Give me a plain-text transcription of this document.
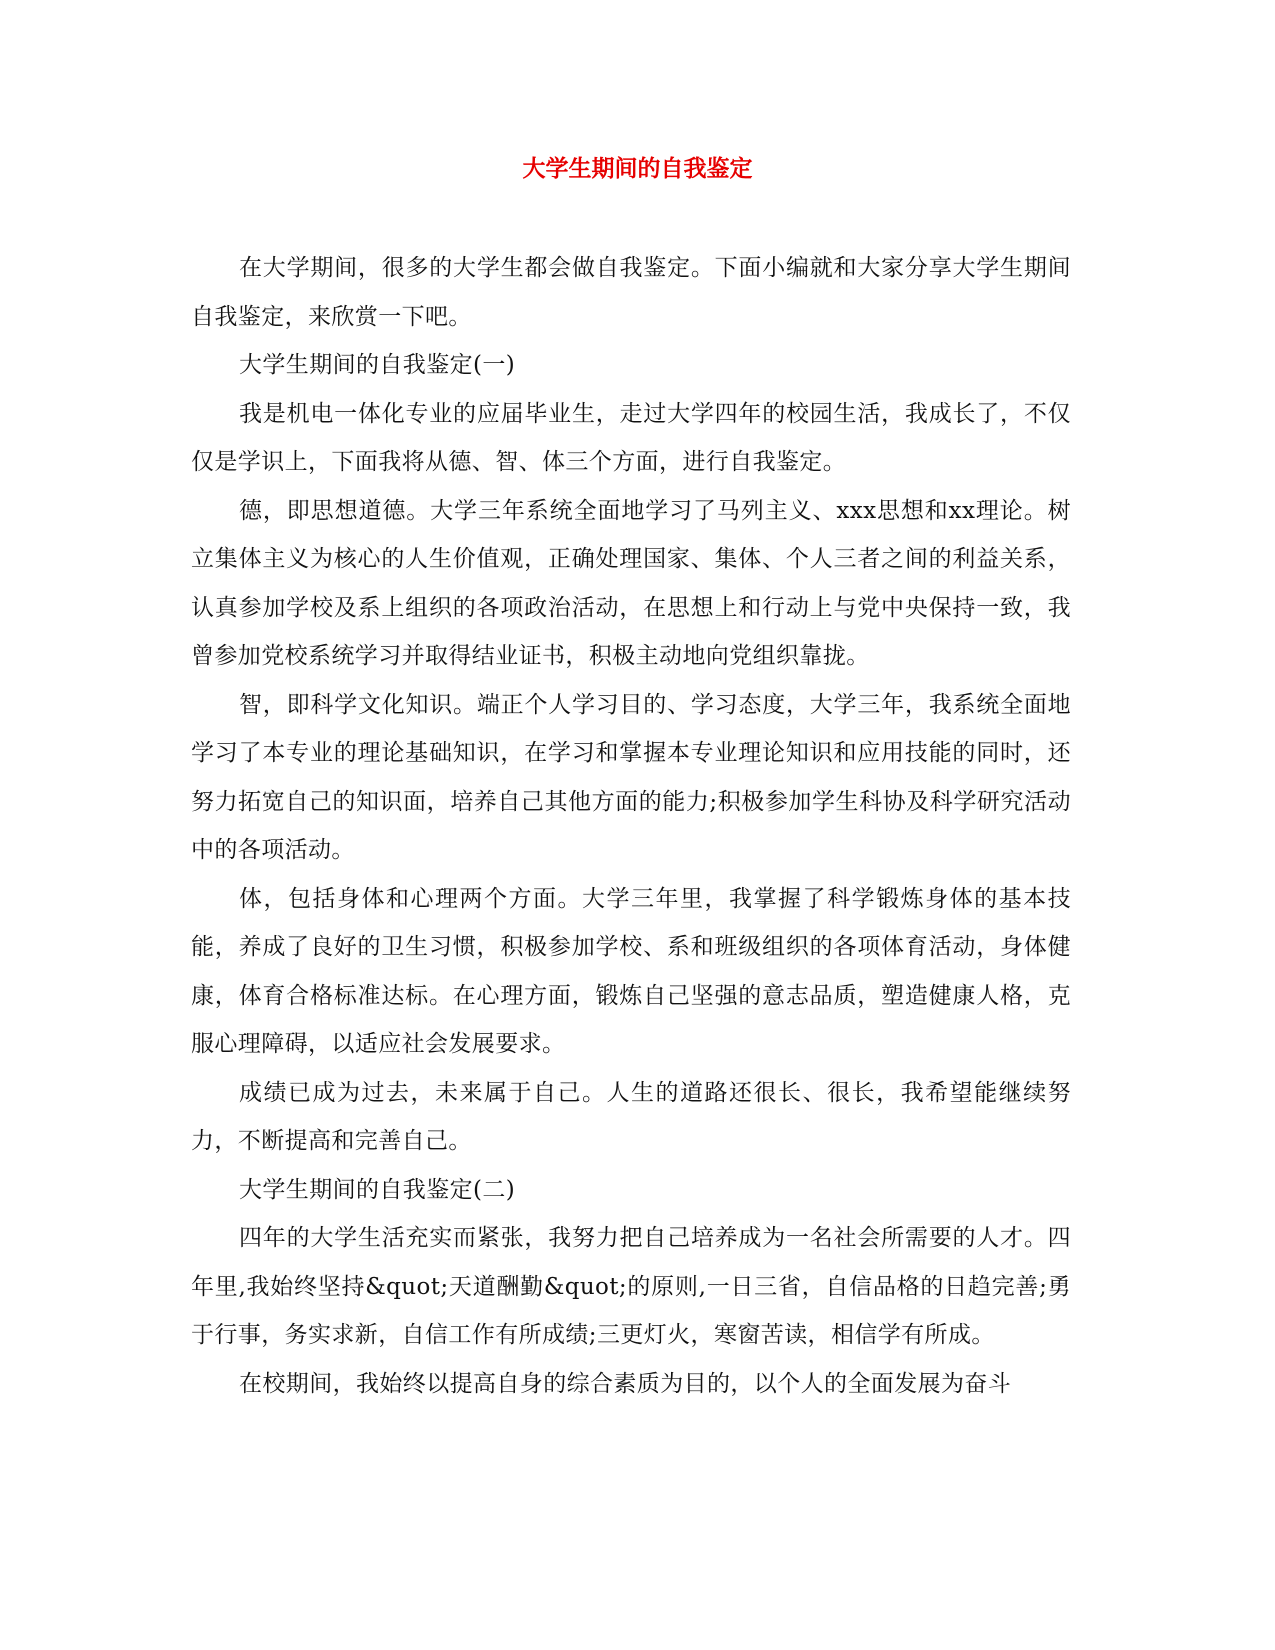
大学生期间的自我鉴定

在大学期间，很多的大学生都会做自我鉴定。下面小编就和大家分享大学生期间自我鉴定，来欣赏一下吧。

大学生期间的自我鉴定(一)

我是机电一体化专业的应届毕业生，走过大学四年的校园生活，我成长了，不仅仅是学识上，下面我将从德、智、体三个方面，进行自我鉴定。

德，即思想道德。大学三年系统全面地学习了马列主义、xxx思想和xx理论。树立集体主义为核心的人生价值观，正确处理国家、集体、个人三者之间的利益关系，认真参加学校及系上组织的各项政治活动，在思想上和行动上与党中央保持一致，我曾参加党校系统学习并取得结业证书，积极主动地向党组织靠拢。

智，即科学文化知识。端正个人学习目的、学习态度，大学三年，我系统全面地学习了本专业的理论基础知识，在学习和掌握本专业理论知识和应用技能的同时，还努力拓宽自己的知识面，培养自己其他方面的能力;积极参加学生科协及科学研究活动中的各项活动。

体，包括身体和心理两个方面。大学三年里，我掌握了科学锻炼身体的基本技能，养成了良好的卫生习惯，积极参加学校、系和班级组织的各项体育活动，身体健康，体育合格标准达标。在心理方面，锻炼自己坚强的意志品质，塑造健康人格，克服心理障碍，以适应社会发展要求。

成绩已成为过去，未来属于自己。人生的道路还很长、很长，我希望能继续努力，不断提高和完善自己。

大学生期间的自我鉴定(二)

四年的大学生活充实而紧张，我努力把自己培养成为一名社会所需要的人才。四年里,我始终坚持&quot;天道酬勤&quot;的原则,一日三省，自信品格的日趋完善;勇于行事，务实求新，自信工作有所成绩;三更灯火，寒窗苦读，相信学有所成。

在校期间，我始终以提高自身的综合素质为目的，以个人的全面发展为奋斗
